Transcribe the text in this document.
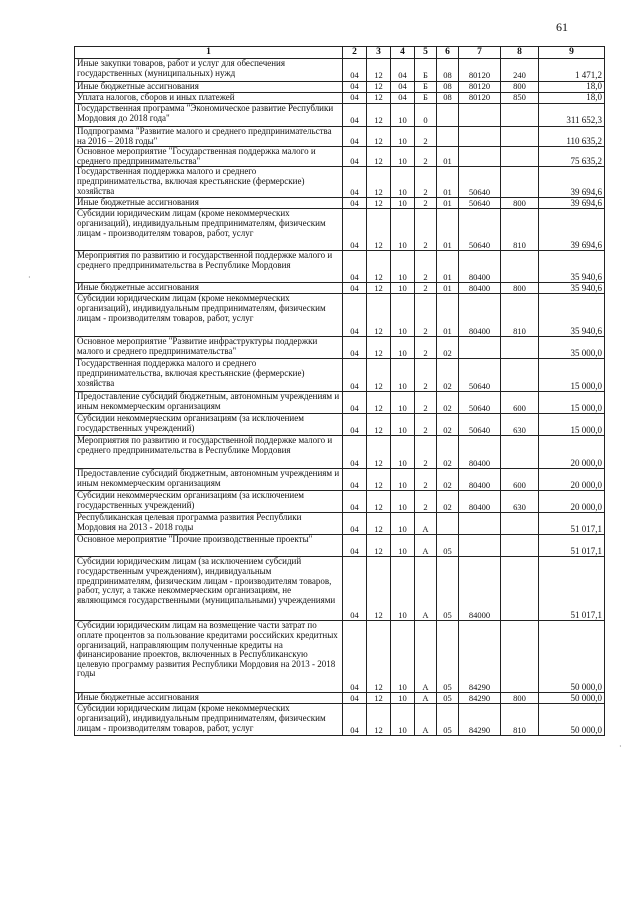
61
·
·
1	2	3	4	5	6	7	8	9
Иные закупки товаров, работ и услуг для обеспечения государственных (муниципальных) нужд	04	12	04	Б	08	80120	240	1 471,2
Иные бюджетные ассигнования	04	12	04	Б	08	80120	800	18,0
Уплата налогов, сборов и иных платежей	04	12	04	Б	08	80120	850	18,0
Государственная программа "Экономическое развитие Республики Мордовия до 2018 года"	04	12	10	0				311 652,3
Подпрограмма "Развитие малого и среднего предпринимательства на 2016 – 2018 годы"	04	12	10	2				110 635,2
Основное мероприятие "Государственная поддержка малого и среднего предпринимательства"	04	12	10	2	01			75 635,2
Государственная поддержка малого и среднего предпринимательства, включая крестьянские (фермерские) хозяйства	04	12	10	2	01	50640		39 694,6
Иные бюджетные ассигнования	04	12	10	2	01	50640	800	39 694,6
Субсидии юридическим лицам (кроме некоммерческих организаций), индивидуальным предпринимателям, физическим лицам - производителям товаров, работ, услуг	04	12	10	2	01	50640	810	39 694,6
Мероприятия по развитию и государственной поддержке малого и среднего предпринимательства в Республике Мордовия	04	12	10	2	01	80400		35 940,6
Иные бюджетные ассигнования	04	12	10	2	01	80400	800	35 940,6
Субсидии юридическим лицам (кроме некоммерческих организаций), индивидуальным предпринимателям, физическим лицам - производителям товаров, работ, услуг	04	12	10	2	01	80400	810	35 940,6
Основное мероприятие "Развитие инфраструктуры поддержки малого и среднего предпринимательства"	04	12	10	2	02			35 000,0
Государственная поддержка малого и среднего предпринимательства, включая крестьянские (фермерские) хозяйства	04	12	10	2	02	50640		15 000,0
Предоставление субсидий бюджетным, автономным учреждениям и иным некоммерческим организациям	04	12	10	2	02	50640	600	15 000,0
Субсидии некоммерческим организациям (за исключением государственных учреждений)	04	12	10	2	02	50640	630	15 000,0
Мероприятия по развитию и государственной поддержке малого и среднего предпринимательства в Республике Мордовия	04	12	10	2	02	80400		20 000,0
Предоставление субсидий бюджетным, автономным учреждениям и иным некоммерческим организациям	04	12	10	2	02	80400	600	20 000,0
Субсидии некоммерческим организациям (за исключением государственных учреждений)	04	12	10	2	02	80400	630	20 000,0
Республиканская целевая программа развития Республики Мордовия на 2013 - 2018 годы	04	12	10	А				51 017,1
Основное мероприятие "Прочие производственные проекты"	04	12	10	А	05			51 017,1
Субсидии юридическим лицам (за исключением субсидий государственным учреждениям), индивидуальным предпринимателям, физическим лицам - производителям товаров, работ, услуг, а также некоммерческим организациям, не являющимся государственными (муниципальными) учреждениями	04	12	10	А	05	84000		51 017,1
Субсидии юридическим лицам на возмещение части затрат по оплате процентов за пользование кредитами российских кредитных организаций, направляющим полученные кредиты на финансирование проектов, включенных в Республиканскую целевую программу развития Республики Мордовия на 2013 - 2018 годы	04	12	10	А	05	84290		50 000,0
Иные бюджетные ассигнования	04	12	10	А	05	84290	800	50 000,0
Субсидии юридическим лицам (кроме некоммерческих организаций), индивидуальным предпринимателям, физическим лицам - производителям товаров, работ, услуг	04	12	10	А	05	84290	810	50 000,0
